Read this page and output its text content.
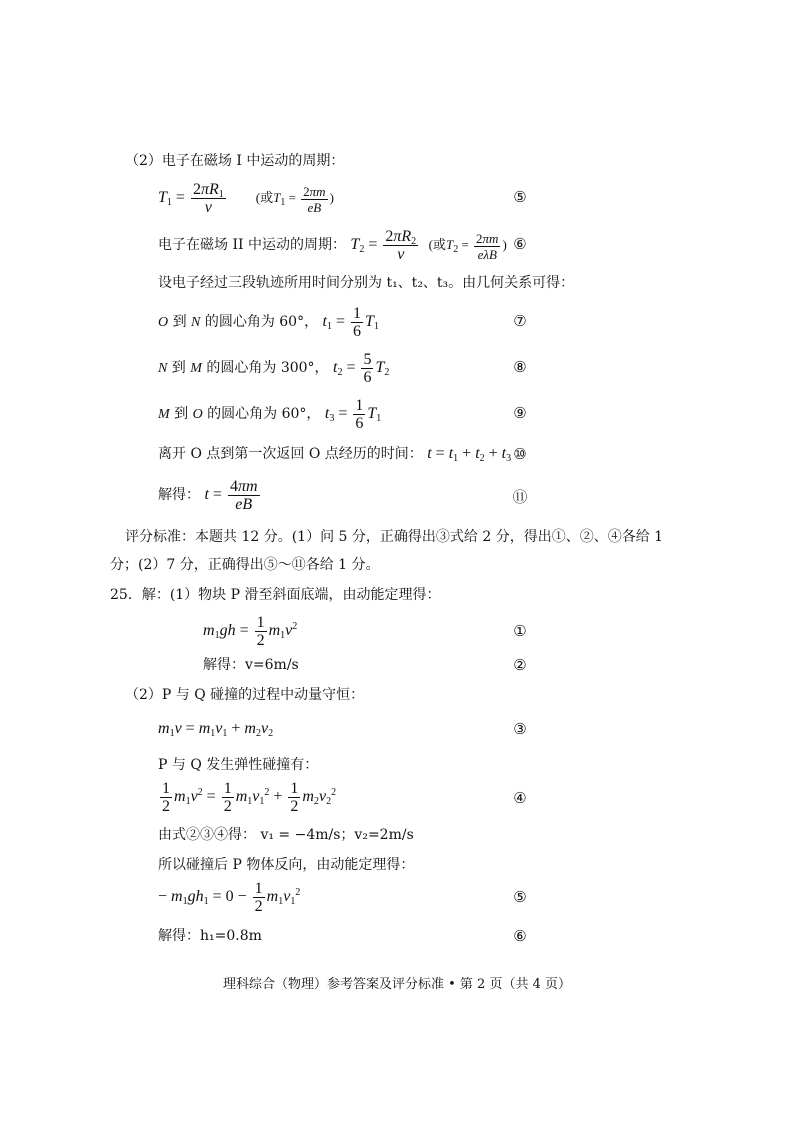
（2）电子在磁场 I 中运动的周期：
$T_1 = \frac{2\pi R_1}{v}$ (或$T_1 = \frac{2\pi m}{eB}$ )	⑤
电子在磁场 II 中运动的周期： $T_2 = \frac{2\pi R_2}{v}$ (或$T_2 = \frac{2\pi m}{\text{eλB}}$ ) ⑥
设电子经过三段轨迹所用时间分别为 t₁、t₂、t₃。由几何关系可得：
O 到 N 的圆心角为 60°， $t_1 = \frac{1}{6} T_1$	⑦
N 到 M 的圆心角为 300°， $t_2 = \frac{5}{6} T_2$	⑧
M 到 O 的圆心角为 60°， $t_3 = \frac{1}{6} T_1$	⑨
离开 O 点到第一次返回 O 点经历的时间： $t = t_1 + t_2 + t_3$ ⑩
解得： $t = \frac{4\pi m}{eB}$	⑪
评分标准：本题共 12 分。(1）问 5 分，正确得出③式给 2 分，得出①、②、④各给 1
分；(2）7 分，正确得出⑤～⑪各给 1 分。
25．解：(1）物块 P 滑至斜面底端，由动能定理得：
$m_1gh = \frac{1}{2} m_1v^2$	①
解得：v=6m/s	②
（2）P 与 Q 碰撞的过程中动量守恒：
$m_1v = m_1v_1 + m_2v_2$	③
P 与 Q 发生弹性碰撞有：
$\frac{1}{2} m_1v^2 = \frac{1}{2} m_1v_1^2 + \frac{1}{2} m_2v_2^2$	④
由式②③④得： v₁ = −4m/s；v₂=2m/s
所以碰撞后 P 物体反向，由动能定理得：
− $m_1gh_1 = 0 - \frac{1}{2} m_1v_1^2$	⑤
解得：h₁=0.8m	⑥
理科综合（物理）参考答案及评分标准 • 第 2 页（共 4 页）
